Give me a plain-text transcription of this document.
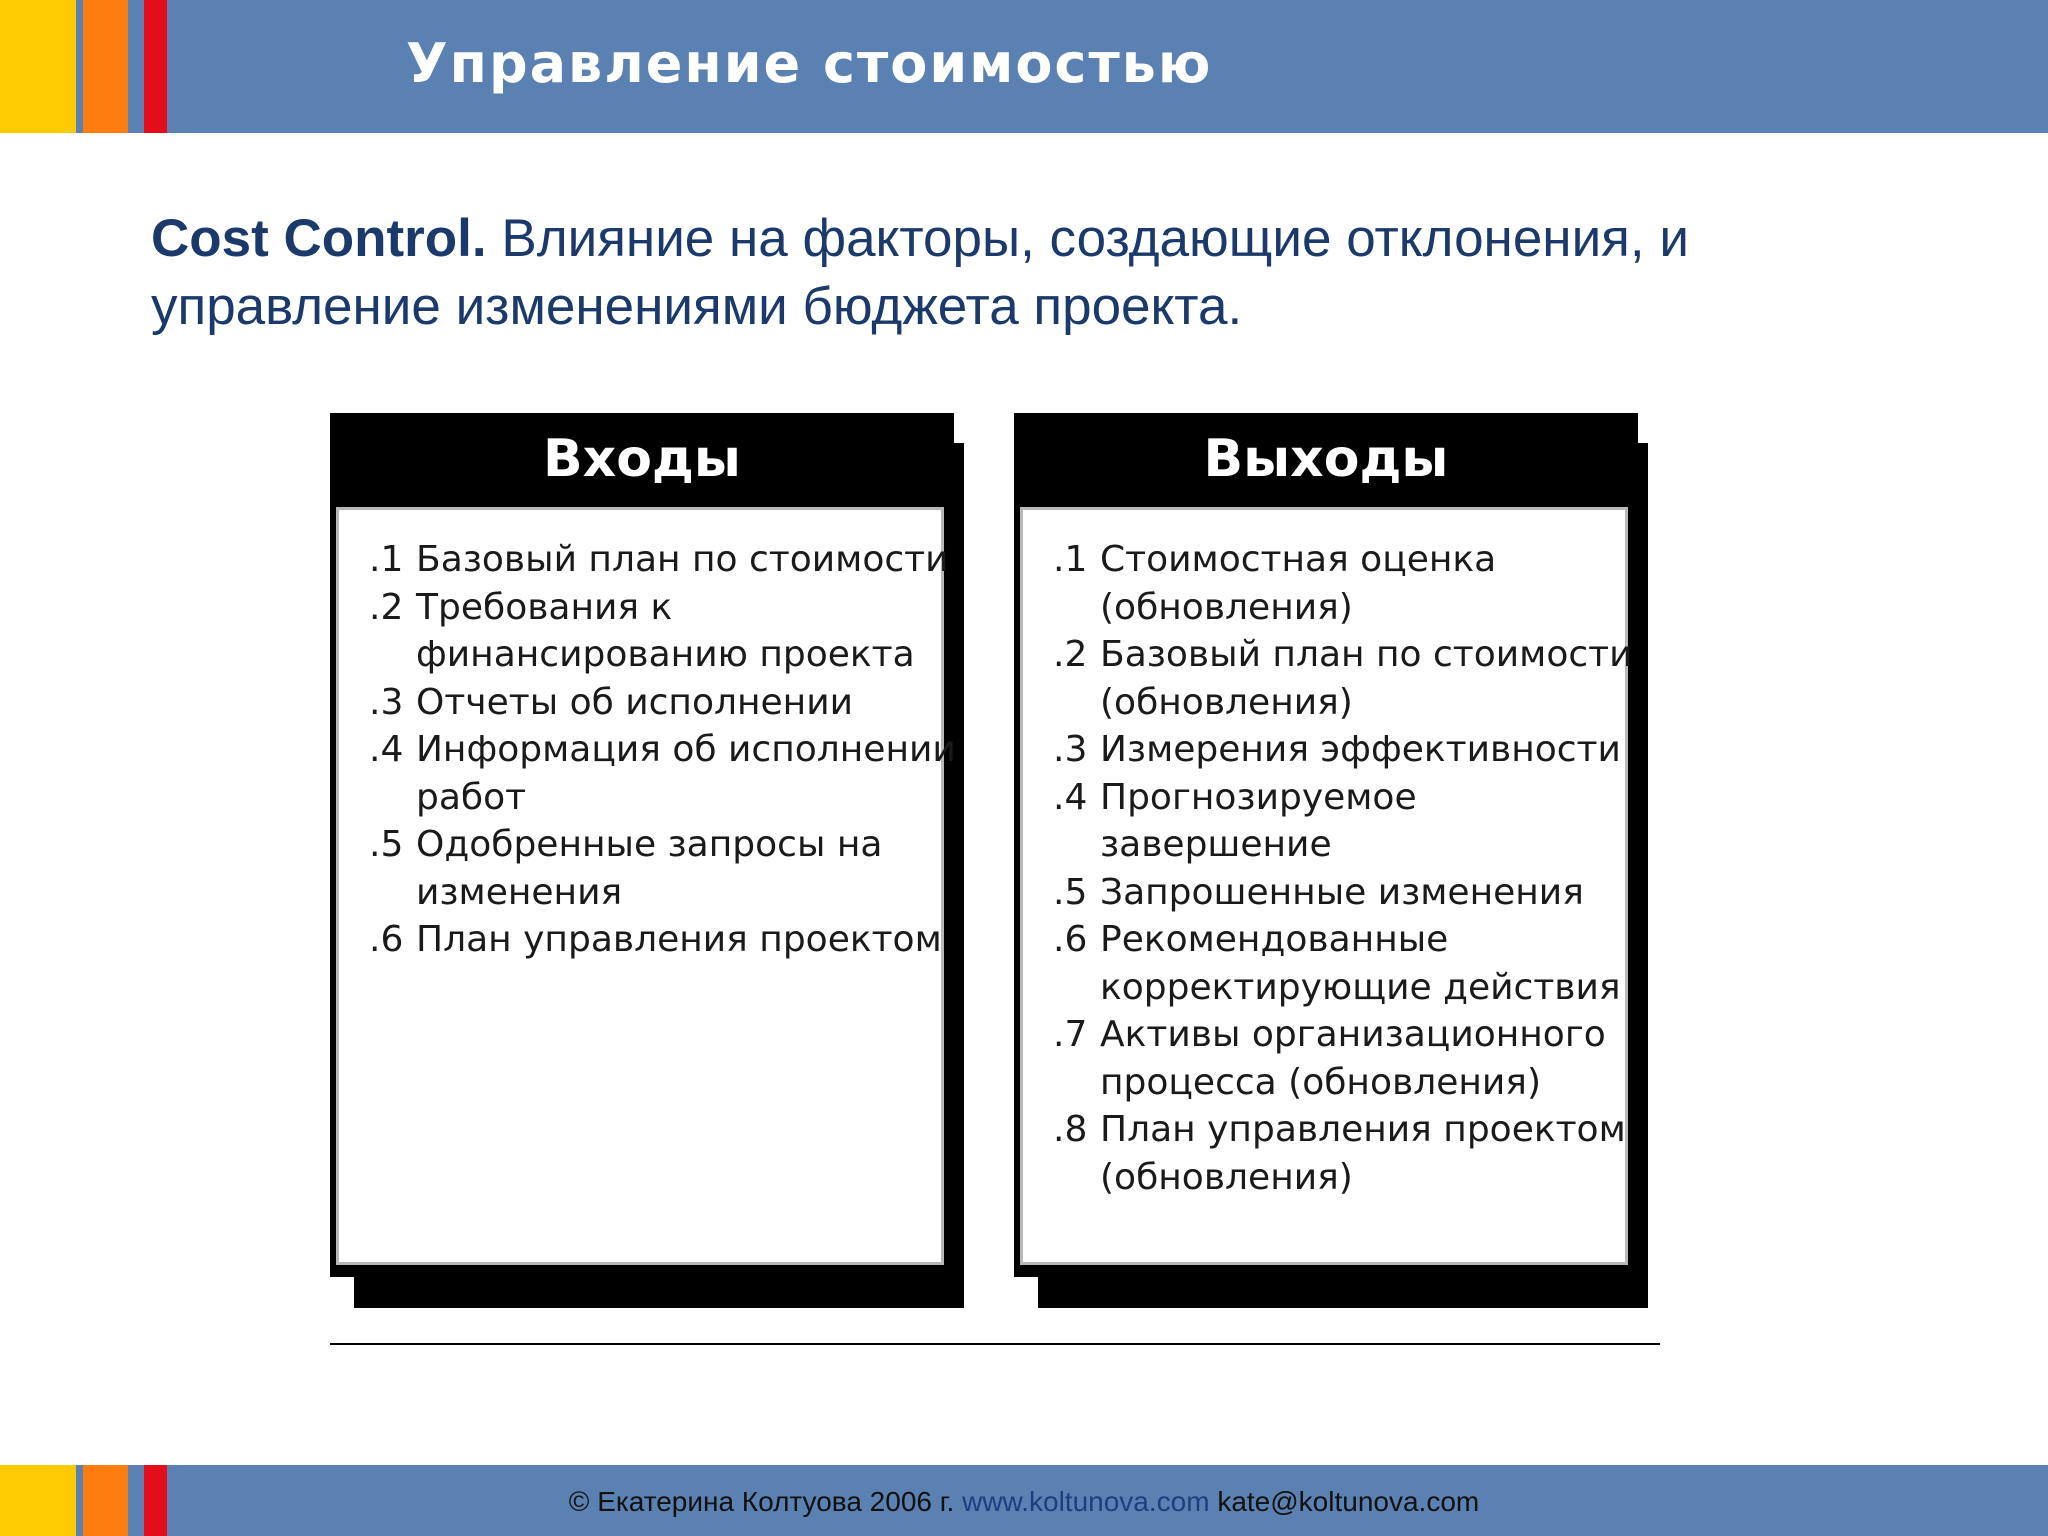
Управление стоимостью
Cost Control. Влияние на факторы, создающие отклонения, и
управление изменениями бюджета проекта.
Входы
.1 Базовый план по стоимости
.2 Требования к
финансированию проекта
.3 Отчеты об исполнении
.4 Информация об исполнении
работ
.5 Одобренные запросы на
изменения
.6 План управления проектом
Выходы
.1 Стоимостная оценка
(обновления)
.2 Базовый план по стоимости
(обновления)
.3 Измерения эффективности
.4 Прогнозируемое
завершение
.5 Запрошенные изменения
.6 Рекомендованные
корректирующие действия
.7 Активы организационного
процесса (обновления)
.8 План управления проектом
(обновления)
© Екатерина Колтуова 2006 г. www.koltunova.com kate@koltunova.com
